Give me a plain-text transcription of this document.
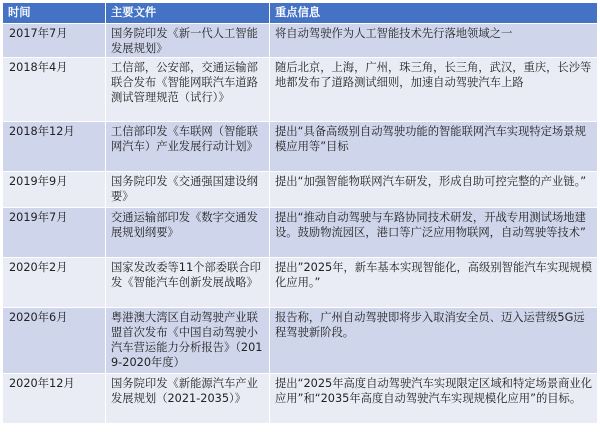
时间	主要文件	重点信息
2017年7月	国务院印发《新一代人工智能发展规划》	将自动驾驶作为人工智能技术先行落地领域之一
2018年4月	工信部，公安部，交通运输部联合发布《智能网联汽车道路测试管理规范（试行）》	随后北京，上海，广州，珠三角，长三角，武汉，重庆，长沙等地都发布了道路测试细则，加速自动驾驶汽车上路
2018年12月	工信部印发《车联网（智能联网汽车）产业发展行动计划》	提出“具备高级别自动驾驶功能的智能联网汽车实现特定场景规模应用等”目标
2019年9月	国务院印发《交通强国建设纲要》	提出“加强智能物联网汽车研发，形成自助可控完整的产业链。”
2019年7月	交通运输部印发《数字交通发展规划纲要》	提出“推动自动驾驶与车路协同技术研发，开战专用测试场地建设。鼓励物流园区，港口等广泛应用物联网，自动驾驶等技术”
2020年2月	国家发改委等11个部委联合印发《智能汽车创新发展战略》	提出”2025年，新车基本实现智能化，高级别智能汽车实现规模化应用。”
2020年6月	粤港澳大湾区自动驾驶产业联盟首次发布《中国自动驾驶小汽车营运能力分析报告》（2019-2020年度）	报告称，广州自动驾驶即将步入取消安全员、迈入运营级5G远程驾驶新阶段。
2020年12月	国务院印发《新能源汽车产业发展规划（2021-2035）》	提出“2025年高度自动驾驶汽车实现限定区域和特定场景商业化应用”和“2035年高度自动驾驶汽车实现规模化应用”的目标。
